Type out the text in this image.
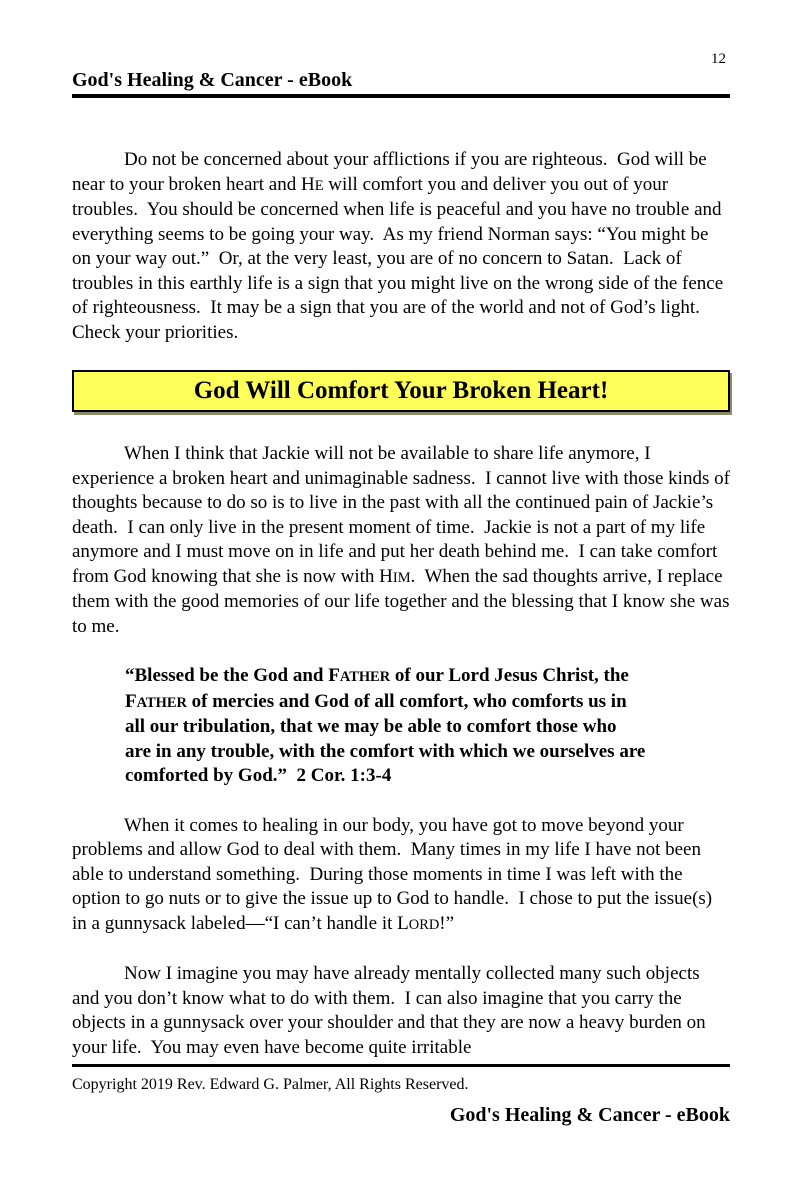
12
God's Healing & Cancer - eBook

Do not be concerned about your afflictions if you are righteous.  God will be near to your broken heart and HE will comfort you and deliver you out of your troubles.  You should be concerned when life is peaceful and you have no trouble and everything seems to be going your way.  As my friend Norman says: “You might be on your way out.”  Or, at the very least, you are of no concern to Satan.  Lack of troubles in this earthly life is a sign that you might live on the wrong side of the fence of righteousness.  It may be a sign that you are of the world and not of God’s light.  Check your priorities.

God Will Comfort Your Broken Heart!

When I think that Jackie will not be available to share life anymore, I experience a broken heart and unimaginable sadness.  I cannot live with those kinds of thoughts because to do so is to live in the past with all the continued pain of Jackie’s death.  I can only live in the present moment of time.  Jackie is not a part of my life anymore and I must move on in life and put her death behind me.  I can take comfort from God knowing that she is now with HIM.  When the sad thoughts arrive, I replace them with the good memories of our life together and the blessing that I know she was to me.

“Blessed be the God and FATHER of our Lord Jesus Christ, the FATHER of mercies and God of all comfort, who comforts us in all our tribulation, that we may be able to comfort those who are in any trouble, with the comfort with which we ourselves are comforted by God.”  2 Cor. 1:3-4

When it comes to healing in our body, you have got to move beyond your problems and allow God to deal with them.  Many times in my life I have not been able to understand something.  During those moments in time I was left with the option to go nuts or to give the issue up to God to handle.  I chose to put the issue(s) in a gunnysack labeled—“I can’t handle it LORD!”

Now I imagine you may have already mentally collected many such objects and you don’t know what to do with them.  I can also imagine that you carry the objects in a gunnysack over your shoulder and that they are now a heavy burden on your life.  You may even have become quite irritable

Copyright 2019 Rev. Edward G. Palmer, All Rights Reserved.
God's Healing & Cancer - eBook
